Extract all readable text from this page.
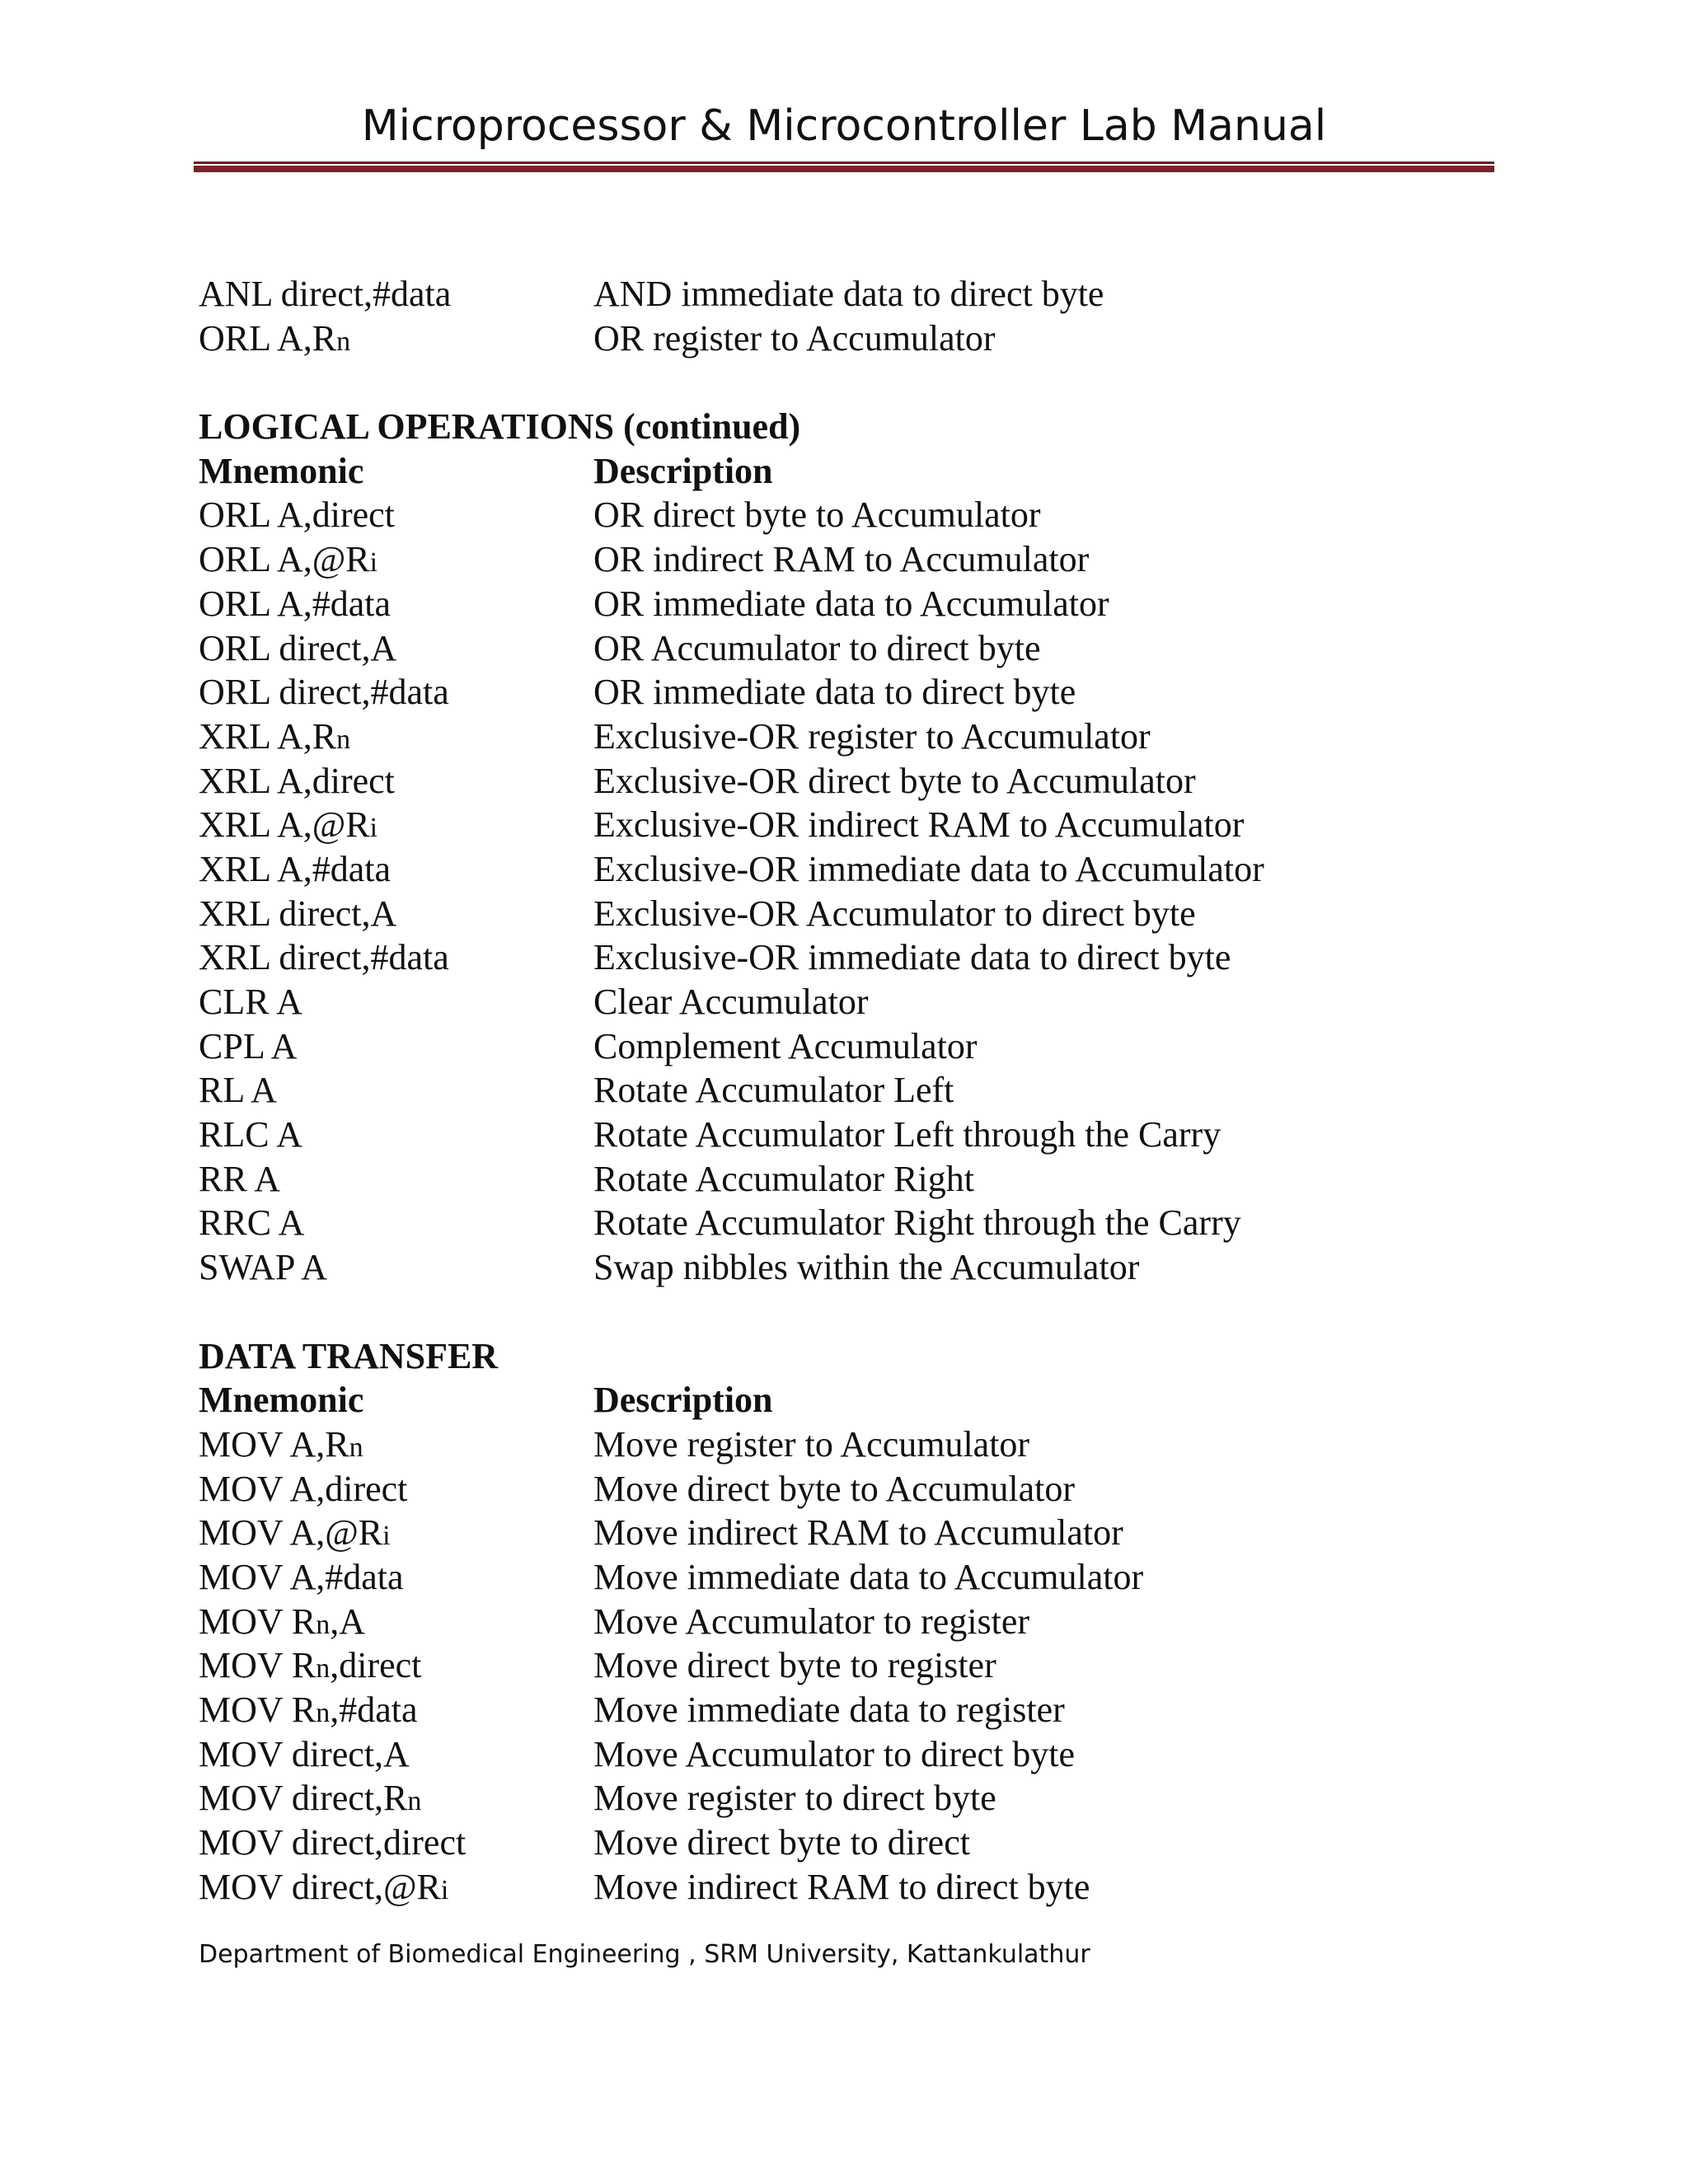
Microprocessor & Microcontroller Lab Manual
ANL direct,#data	AND immediate data to direct byte
ORL A,Rn	OR register to Accumulator
LOGICAL OPERATIONS (continued)
Mnemonic	Description
ORL A,direct	OR direct byte to Accumulator
ORL A,@Ri	OR indirect RAM to Accumulator
ORL A,#data	OR immediate data to Accumulator
ORL direct,A	OR Accumulator to direct byte
ORL direct,#data	OR immediate data to direct byte
XRL A,Rn	Exclusive-OR register to Accumulator
XRL A,direct	Exclusive-OR direct byte to Accumulator
XRL A,@Ri	Exclusive-OR indirect RAM to Accumulator
XRL A,#data	Exclusive-OR immediate data to Accumulator
XRL direct,A	Exclusive-OR Accumulator to direct byte
XRL direct,#data	Exclusive-OR immediate data to direct byte
CLR A	Clear Accumulator
CPL A	Complement Accumulator
RL A	Rotate Accumulator Left
RLC A	Rotate Accumulator Left through the Carry
RR A	Rotate Accumulator Right
RRC A	Rotate Accumulator Right through the Carry
SWAP A	Swap nibbles within the Accumulator
DATA TRANSFER
Mnemonic	Description
MOV A,Rn	Move register to Accumulator
MOV A,direct	Move direct byte to Accumulator
MOV A,@Ri	Move indirect RAM to Accumulator
MOV A,#data	Move immediate data to Accumulator
MOV Rn,A	Move Accumulator to register
MOV Rn,direct	Move direct byte to register
MOV Rn,#data	Move immediate data to register
MOV direct,A	Move Accumulator to direct byte
MOV direct,Rn	Move register to direct byte
MOV direct,direct	Move direct byte to direct
MOV direct,@Ri	Move indirect RAM to direct byte
Department of Biomedical Engineering , SRM University, Kattankulathur
